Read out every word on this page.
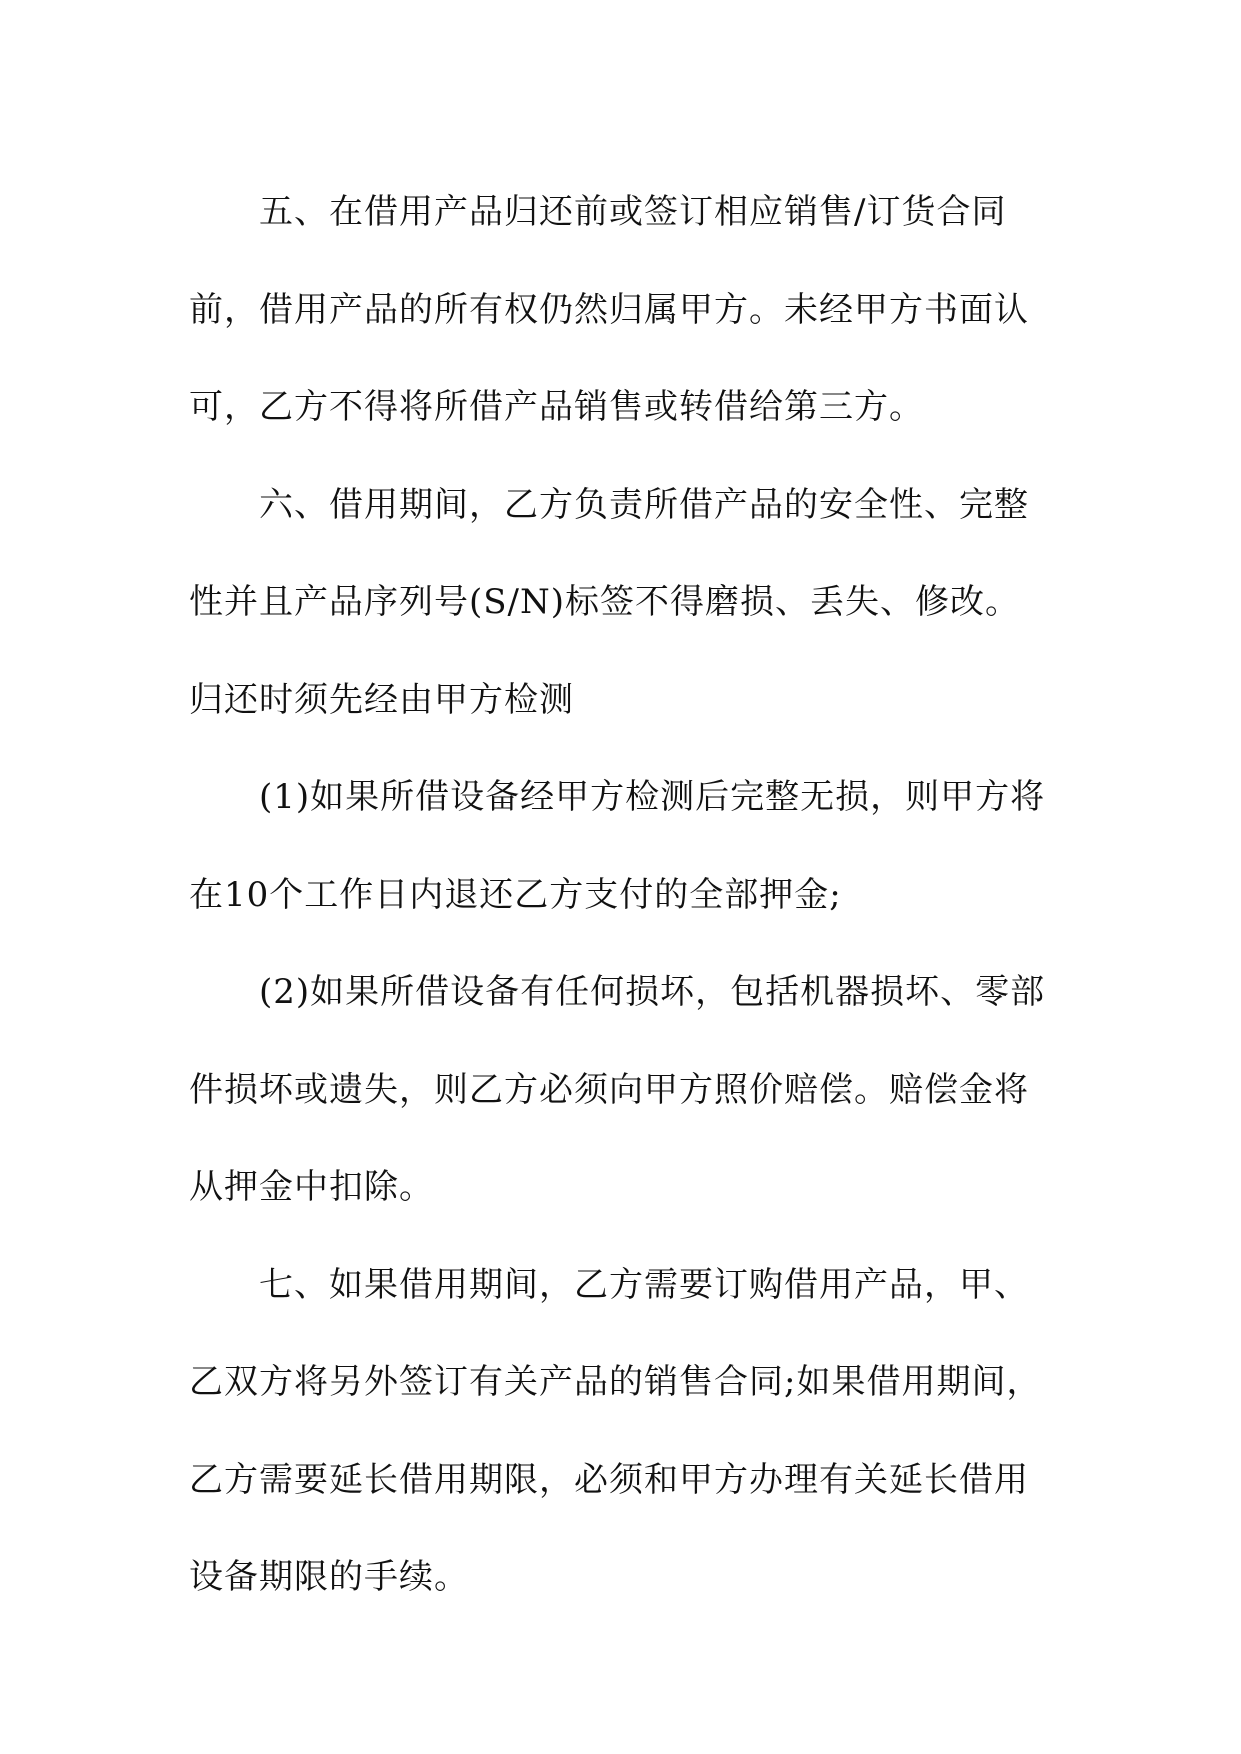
五、在借用产品归还前或签订相应销售/订货合同前，借用产品的所有权仍然归属甲方。未经甲方书面认可，乙方不得将所借产品销售或转借给第三方。

六、借用期间，乙方负责所借产品的安全性、完整性并且产品序列号(S/N)标签不得磨损、丢失、修改。归还时须先经由甲方检测

(1)如果所借设备经甲方检测后完整无损，则甲方将在10个工作日内退还乙方支付的全部押金;

(2)如果所借设备有任何损坏，包括机器损坏、零部件损坏或遗失，则乙方必须向甲方照价赔偿。赔偿金将从押金中扣除。

七、如果借用期间，乙方需要订购借用产品，甲、乙双方将另外签订有关产品的销售合同;如果借用期间，乙方需要延长借用期限，必须和甲方办理有关延长借用设备期限的手续。
